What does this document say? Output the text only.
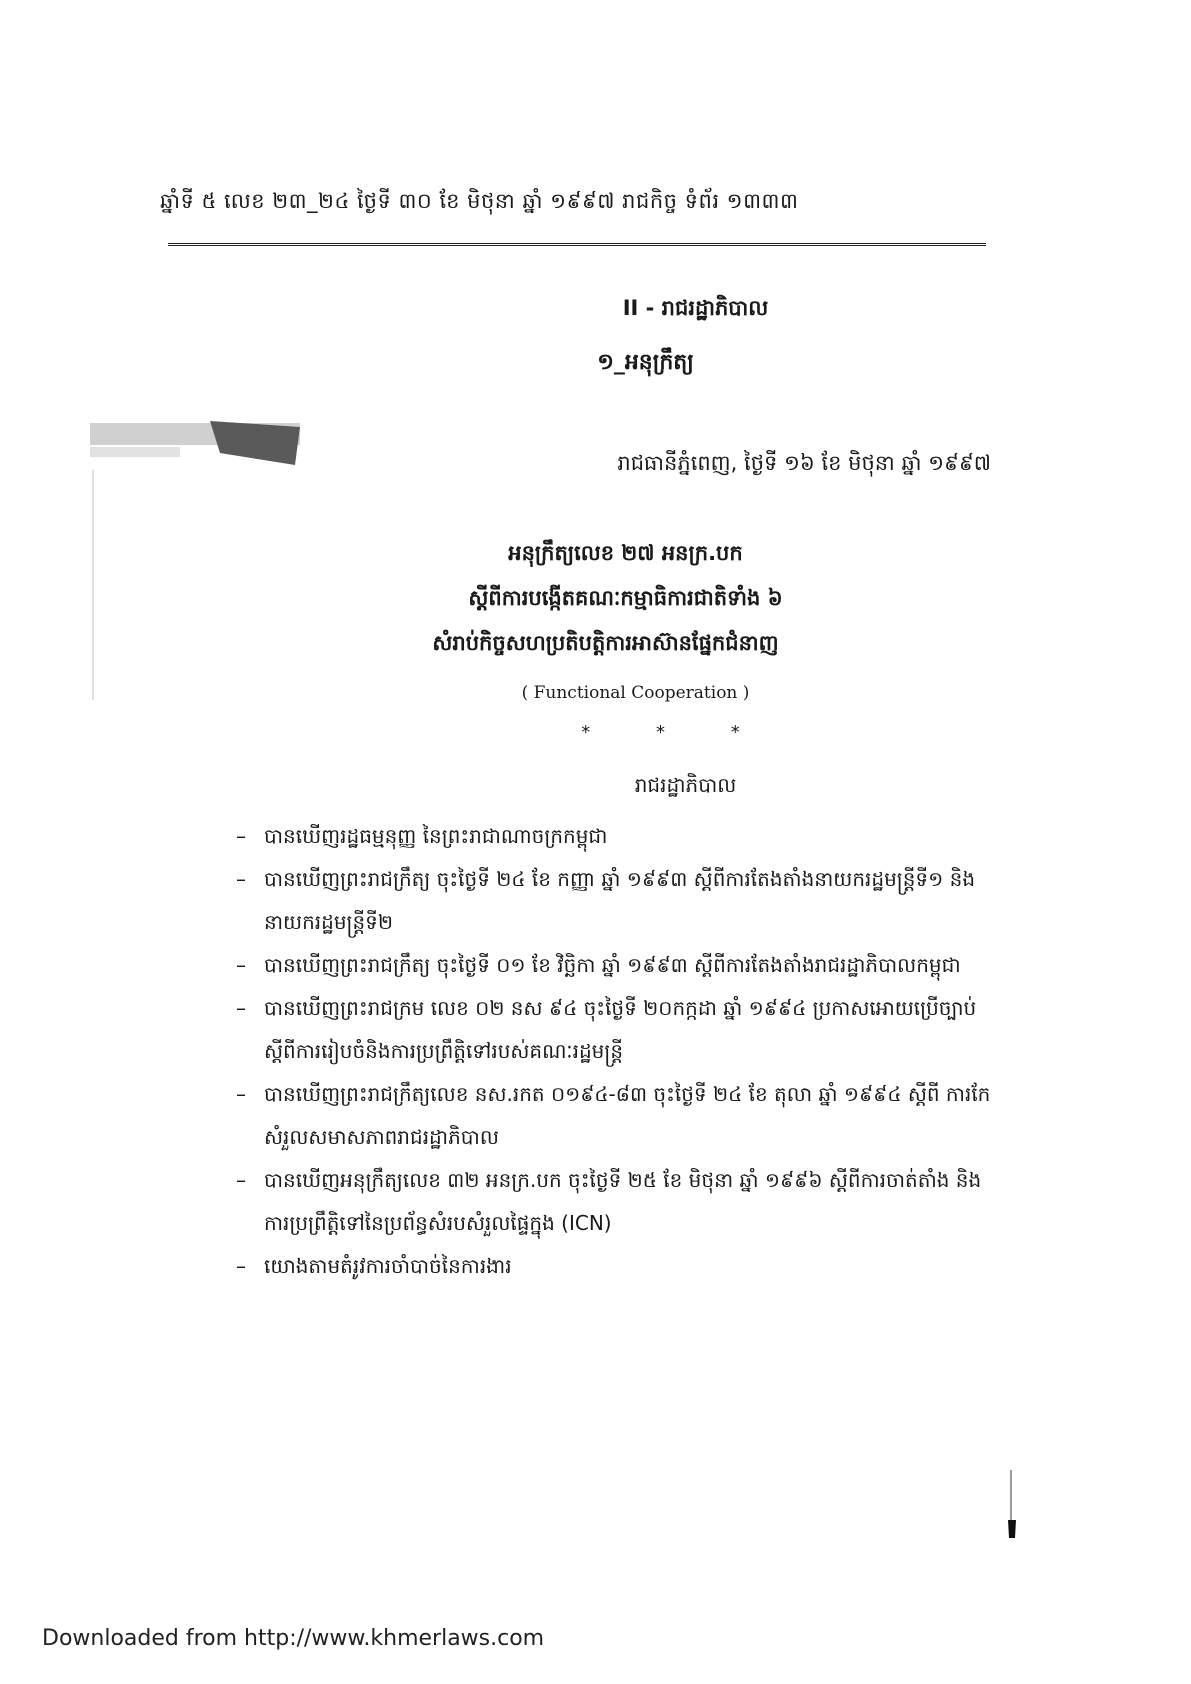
ឆ្នាំទី ៥ លេខ ២៣_២៤ ថ្ងៃទី ៣០ ខែ មិថុនា ឆ្នាំ ១៩៩៧ រាជកិច្ច ទំព័រ ១៣៣៣
II - រាជរដ្ឋាភិបាល
១_អនុក្រឹត្យ
រាជធានីភ្នំពេញ, ថ្ងៃទី ១៦ ខែ មិថុនា ឆ្នាំ ១៩៩៧
អនុក្រឹត្យលេខ ២៧ អនក្រ.បក
ស្តីពីការបង្កើតគណៈកម្មាធិការជាតិទាំង ៦
សំរាប់កិច្ចសហប្រតិបត្តិការអាស៊ានផ្នែកជំនាញ
( Functional Cooperation )
* * *
រាជរដ្ឋាភិបាល
– បានឃើញរដ្ឋធម្មនុញ្ញ នៃព្រះរាជាណាចក្រកម្ពុជា
– បានឃើញព្រះរាជក្រឹត្យ ចុះថ្ងៃទី ២៤ ខែ កញ្ញា ឆ្នាំ ១៩៩៣ ស្តីពីការតែងតាំងនាយករដ្ឋមន្ត្រីទី១ និងនាយករដ្ឋមន្ត្រីទី២
– បានឃើញព្រះរាជក្រឹត្យ ចុះថ្ងៃទី ០១ ខែ វិច្ឆិកា ឆ្នាំ ១៩៩៣ ស្តីពីការតែងតាំងរាជរដ្ឋាភិបាលកម្ពុជា
– បានឃើញព្រះរាជក្រម លេខ ០២ នស ៩៤ ចុះថ្ងៃទី ២០កក្កដា ឆ្នាំ ១៩៩៤ ប្រកាសអោយប្រើច្បាប់ស្តីពីការរៀបចំនិងការប្រព្រឹត្តិទៅរបស់គណៈរដ្ឋមន្ត្រី
– បានឃើញព្រះរាជក្រឹត្យលេខ នស.រកត ០១៩៤-៨៣ ចុះថ្ងៃទី ២៤ ខែ តុលា ឆ្នាំ ១៩៩៤ ស្តីពី ការកែសំរួលសមាសភាពរាជរដ្ឋាភិបាល
– បានឃើញអនុក្រឹត្យលេខ ៣២ អនក្រ.បក ចុះថ្ងៃទី ២៥ ខែ មិថុនា ឆ្នាំ ១៩៩៦ ស្តីពីការចាត់តាំង និងការប្រព្រឹត្តិទៅនៃប្រព័ន្ធសំរបសំរួលផ្ទៃក្នុង (ICN)
– យោងតាមតំរូវការចាំបាច់នៃការងារ
Downloaded from http://www.khmerlaws.com
